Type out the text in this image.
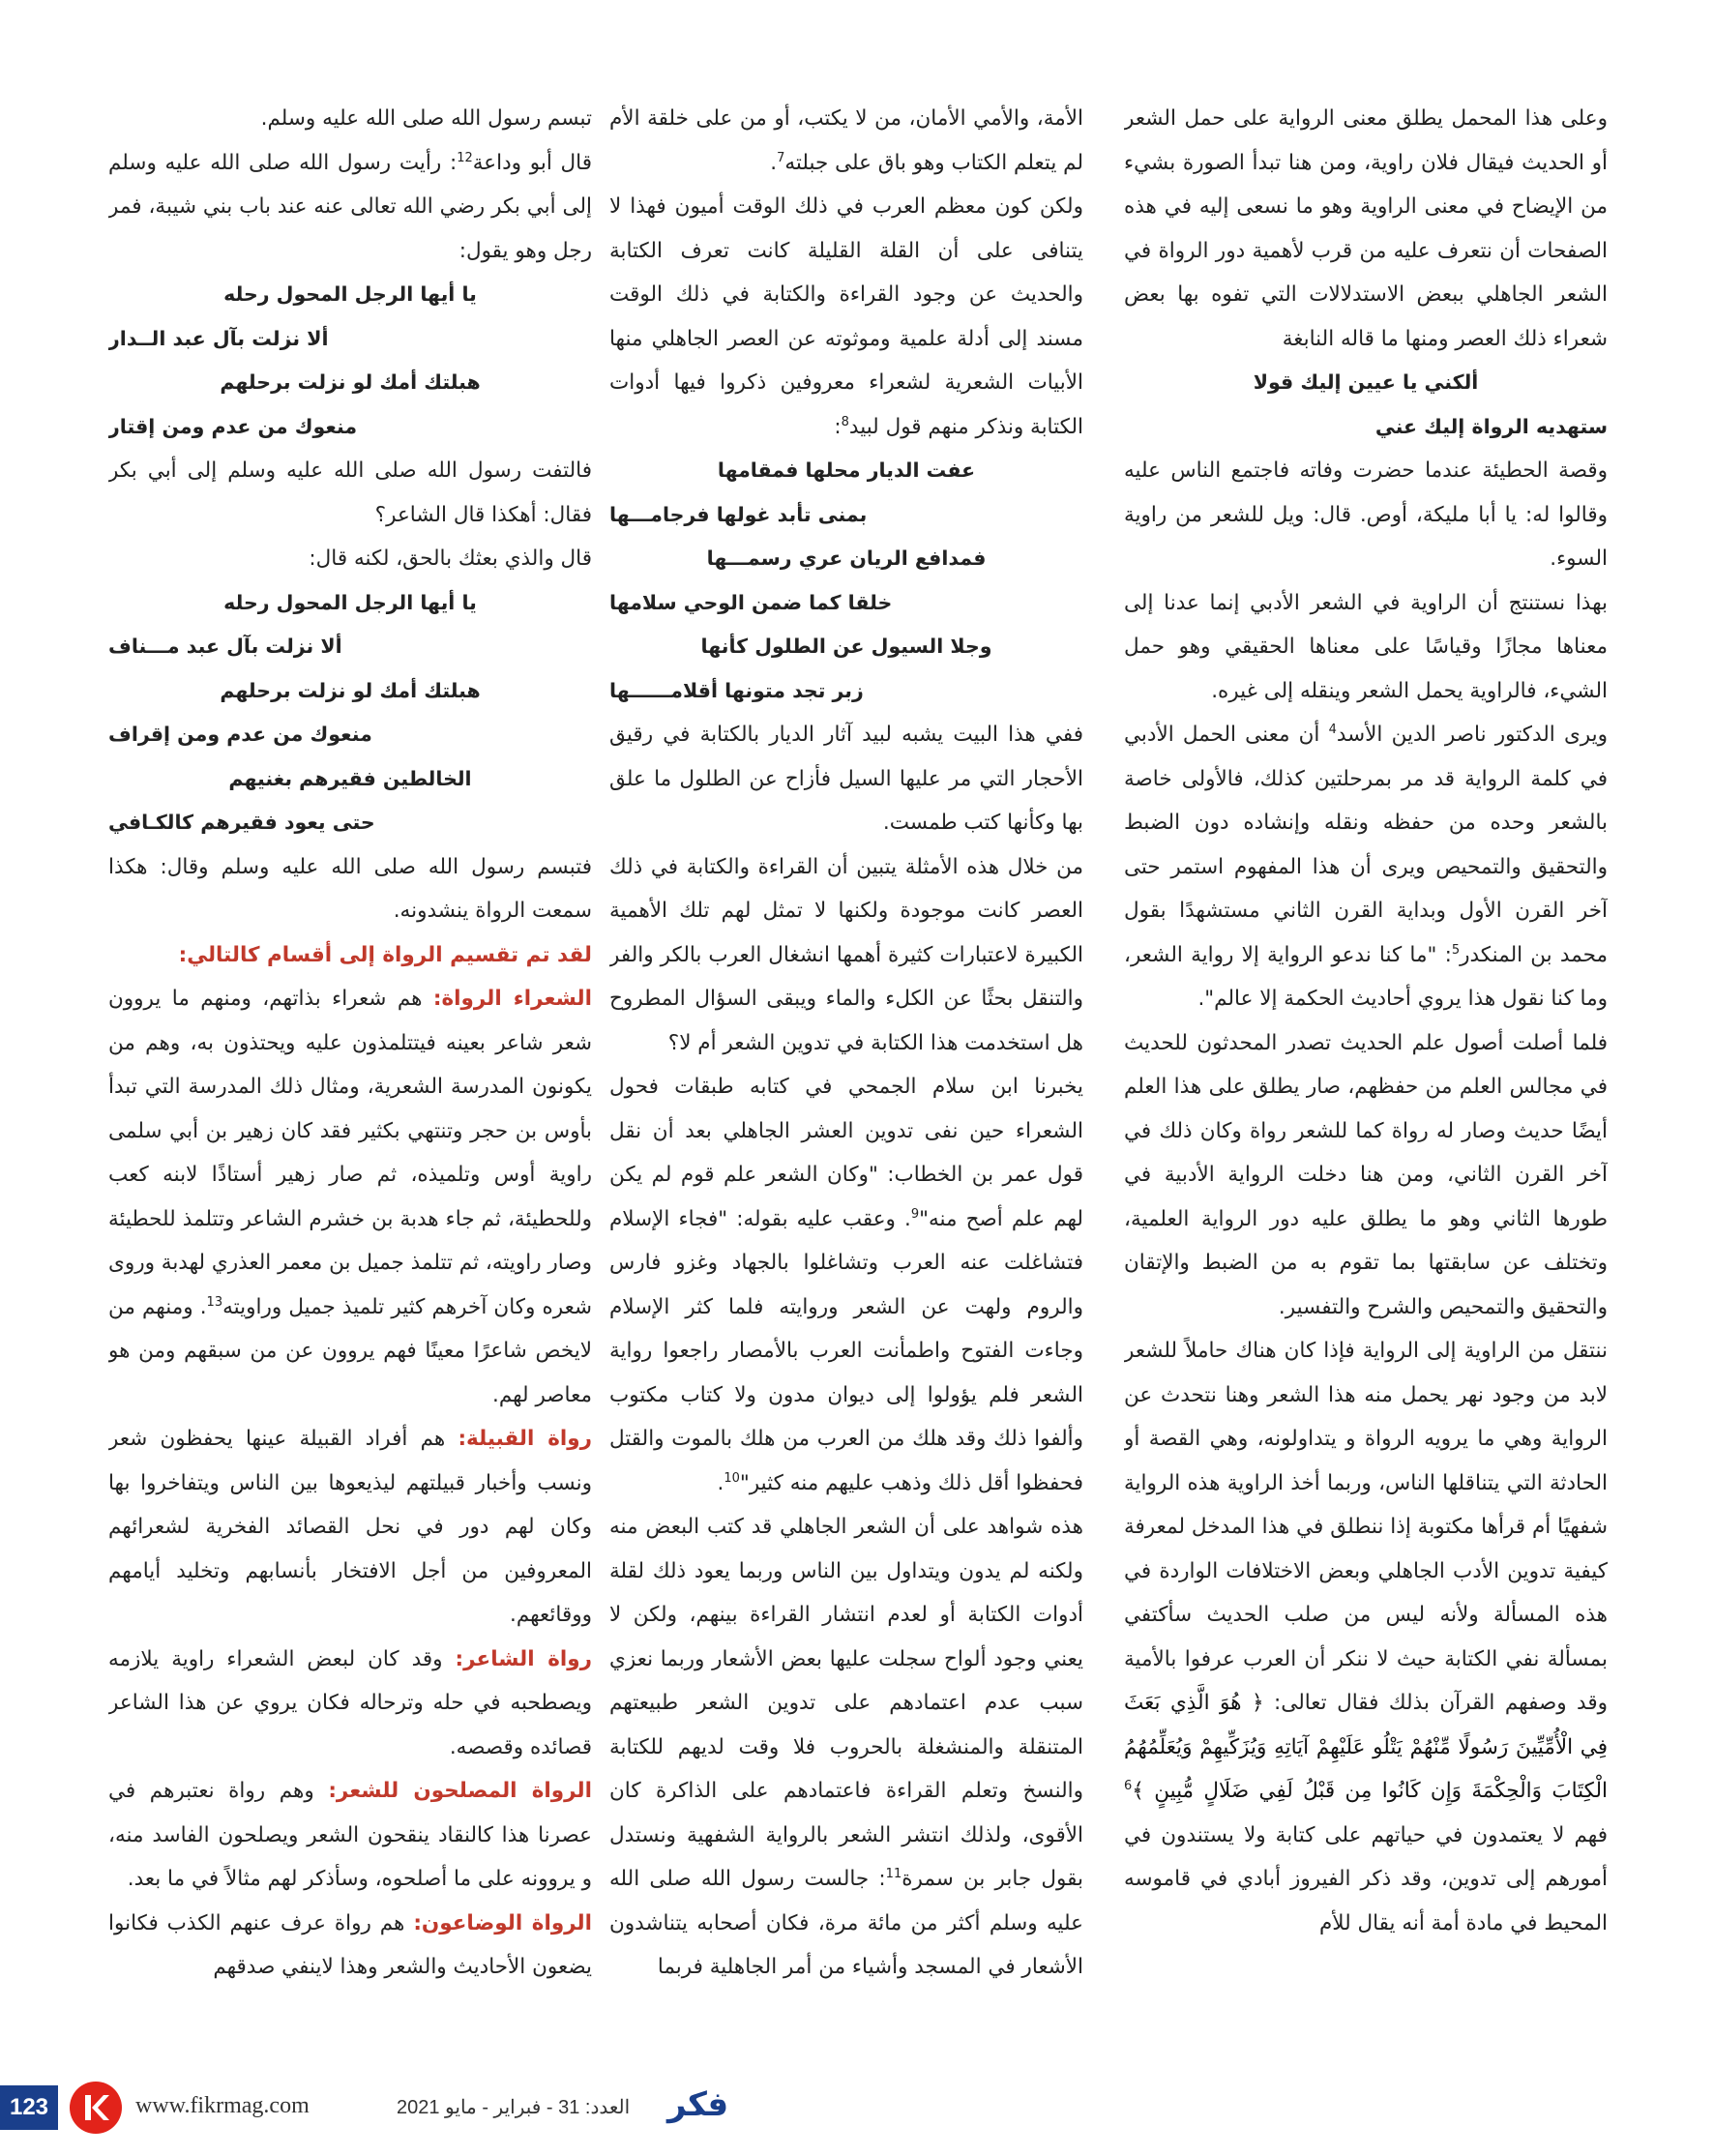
وعلى هذا المحمل يطلق معنى الرواية على حمل الشعر أو الحديث فيقال فلان راوية، ومن هنا تبدأ الصورة بشيء من الإيضاح في معنى الراوية وهو ما نسعى إليه في هذه الصفحات أن نتعرف عليه من قرب لأهمية دور الرواة في الشعر الجاهلي ببعض الاستدلالات التي تفوه بها بعض شعراء ذلك العصر ومنها ما قاله النابغة

ألكني يا عيين إليك قولا

ستهديه الرواة إليك عني

وقصة الحطيئة عندما حضرت وفاته فاجتمع الناس عليه وقالوا له: يا أبا مليكة، أوص. قال: ويل للشعر من راوية السوء.

بهذا نستنتج أن الراوية في الشعر الأدبي إنما عدنا إلى معناها مجازًا وقياسًا على معناها الحقيقي وهو حمل الشيء، فالراوية يحمل الشعر وينقله إلى غيره.

ويرى الدكتور ناصر الدين الأسد$^4$ أن معنى الحمل الأدبي في كلمة الرواية قد مر بمرحلتين كذلك، فالأولى خاصة بالشعر وحده من حفظه ونقله وإنشاده دون الضبط والتحقيق والتمحيص ويرى أن هذا المفهوم استمر حتى آخر القرن الأول وبداية القرن الثاني مستشهدًا بقول محمد بن المنكدر$^5$: "ما كنا ندعو الرواية إلا رواية الشعر، وما كنا نقول هذا يروي أحاديث الحكمة إلا عالم".

فلما أصلت أصول علم الحديث تصدر المحدثون للحديث في مجالس العلم من حفظهم، صار يطلق على هذا العلم أيضًا حديث وصار له رواة كما للشعر رواة وكان ذلك في آخر القرن الثاني، ومن هنا دخلت الرواية الأدبية في طورها الثاني وهو ما يطلق عليه دور الرواية العلمية، وتختلف عن سابقتها بما تقوم به من الضبط والإتقان والتحقيق والتمحيص والشرح والتفسير.

ننتقل من الراوية إلى الرواية فإذا كان هناك حاملاً للشعر لابد من وجود نهر يحمل منه هذا الشعر وهنا نتحدث عن الرواية وهي ما يرويه الرواة و يتداولونه، وهي القصة أو الحادثة التي يتناقلها الناس، وربما أخذ الراوية هذه الرواية شفهيًا أم قرأها مكتوبة إذا ننطلق في هذا المدخل لمعرفة كيفية تدوين الأدب الجاهلي وبعض الاختلافات الواردة في هذه المسألة ولأنه ليس من صلب الحديث سأكتفي بمسألة نفي الكتابة حيث لا ننكر أن العرب عرفوا بالأمية وقد وصفهم القرآن بذلك فقال تعالى: ﴿ هُوَ الَّذِي بَعَثَ فِي الْأُمِّيِّينَ رَسُولًا مِّنْهُمْ يَتْلُو عَلَيْهِمْ آيَاتِهِ وَيُزَكِّيهِمْ وَيُعَلِّمُهُمُ الْكِتَابَ وَالْحِكْمَةَ وَإِن كَانُوا مِن قَبْلُ لَفِي ضَلَالٍ مُّبِينٍ ﴾$^6$ فهم لا يعتمدون في حياتهم على كتابة ولا يستندون في أمورهم إلى تدوين، وقد ذكر الفيروز أبادي في قاموسه المحيط في مادة أمة أنه يقال للأم

الأمة، والأمي الأمان، من لا يكتب، أو من على خلقة الأم لم يتعلم الكتاب وهو باق على جبلته$^7$.

ولكن كون معظم العرب في ذلك الوقت أميون فهذا لا يتنافى على أن القلة القليلة كانت تعرف الكتابة والحديث عن وجود القراءة والكتابة في ذلك الوقت مسند إلى أدلة علمية وموثوته عن العصر الجاهلي منها الأبيات الشعرية لشعراء معروفين ذكروا فيها أدوات الكتابة ونذكر منهم قول لبيد$^8$:

عفت الديار محلها فمقامها

بمنى تأبد غولها فرجامـــها

فمدافع الريان عري رسمـــها

خلقا كما ضمن الوحي سلامها

وجلا السيول عن الطلول كأنها

زبر تجد متونها أقلامــــــها

ففي هذا البيت يشبه لبيد آثار الديار بالكتابة في رقيق الأحجار التي مر عليها السيل فأزاح عن الطلول ما علق بها وكأنها كتب طمست.

من خلال هذه الأمثلة يتبين أن القراءة والكتابة في ذلك العصر كانت موجودة ولكنها لا تمثل لهم تلك الأهمية الكبيرة لاعتبارات كثيرة أهمها انشغال العرب بالكر والفر والتنقل بحثًا عن الكلء والماء ويبقى السؤال المطروح هل استخدمت هذا الكتابة في تدوين الشعر أم لا؟

يخبرنا ابن سلام الجمحي في كتابه طبقات فحول الشعراء حين نفى تدوين العشر الجاهلي بعد أن نقل قول عمر بن الخطاب: "وكان الشعر علم قوم لم يكن لهم علم أصح منه"$^9$. وعقب عليه بقوله: "فجاء الإسلام فتشاغلت عنه العرب وتشاغلوا بالجهاد وغزو فارس والروم ولهت عن الشعر وروايته فلما كثر الإسلام وجاءت الفتوح واطمأنت العرب بالأمصار راجعوا رواية الشعر فلم يؤولوا إلى ديوان مدون ولا كتاب مكتوب وألفوا ذلك وقد هلك من العرب من هلك بالموت والقتل فحفظوا أقل ذلك وذهب عليهم منه كثير"$^{10}$.

هذه شواهد على أن الشعر الجاهلي قد كتب البعض منه ولكنه لم يدون ويتداول بين الناس وربما يعود ذلك لقلة أدوات الكتابة أو لعدم انتشار القراءة بينهم، ولكن لا يعني وجود ألواح سجلت عليها بعض الأشعار وربما نعزي سبب عدم اعتمادهم على تدوين الشعر طبيعتهم المتنقلة والمنشغلة بالحروب فلا وقت لديهم للكتابة والنسخ وتعلم القراءة فاعتمادهم على الذاكرة كان الأقوى، ولذلك انتشر الشعر بالرواية الشفهية ونستدل بقول جابر بن سمرة$^{11}$: جالست رسول الله صلى الله عليه وسلم أكثر من مائة مرة، فكان أصحابه يتناشدون الأشعار في المسجد وأشياء من أمر الجاهلية فربما

تبسم رسول الله صلى الله عليه وسلم.

قال أبو وداعة$^{12}$: رأيت رسول الله صلى الله عليه وسلم إلى أبي بكر رضي الله تعالى عنه عند باب بني شيبة، فمر رجل وهو يقول:

يا أيها الرجل المحول رحله

ألا نزلت بآل عبد الــدار

هبلتك أمك لو نزلت برحلهم

منعوك من عدم ومن إقتار

فالتفت رسول الله صلى الله عليه وسلم إلى أبي بكر فقال: أهكذا قال الشاعر؟

قال والذي بعثك بالحق، لكنه قال:

يا أيها الرجل المحول رحله

ألا نزلت بآل عبد مـــناف

هبلتك أمك لو نزلت برحلهم

منعوك من عدم ومن إقراف

الخالطين فقيرهم بغنيهم

حتى يعود فقيرهم كالكـافي

فتبسم رسول الله صلى الله عليه وسلم وقال: هكذا سمعت الرواة ينشدونه.

لقد تم تقسيم الرواة إلى أقسام كالتالي:

الشعراء الرواة: هم شعراء بذاتهم، ومنهم ما يروون شعر شاعر بعينه فيتتلمذون عليه ويحتذون به، وهم من يكونون المدرسة الشعرية، ومثال ذلك المدرسة التي تبدأ بأوس بن حجر وتنتهي بكثير فقد كان زهير بن أبي سلمى راوية أوس وتلميذه، ثم صار زهير أستاذًا لابنه كعب وللحطيئة، ثم جاء هدبة بن خشرم الشاعر وتتلمذ للحطيئة وصار راويته، ثم تتلمذ جميل بن معمر العذري لهدبة وروى شعره وكان آخرهم كثير تلميذ جميل وراويته$^{13}$. ومنهم من لايخص شاعرًا معينًا فهم يروون عن من سبقهم ومن هو معاصر لهم.

رواة القبيلة: هم أفراد القبيلة عينها يحفظون شعر ونسب وأخبار قبيلتهم ليذيعوها بين الناس ويتفاخروا بها وكان لهم دور في نحل القصائد الفخرية لشعرائهم المعروفين من أجل الافتخار بأنسابهم وتخليد أيامهم ووقائعهم.

رواة الشاعر: وقد كان لبعض الشعراء راوية يلازمه ويصطحبه في حله وترحاله فكان يروي عن هذا الشاعر قصائده وقصصه.

الرواة المصلحون للشعر: وهم رواة نعتبرهم في عصرنا هذا كالنقاد ينقحون الشعر ويصلحون الفاسد منه، و يروونه على ما أصلحوه، وسأذكر لهم مثالاً في ما بعد.

الرواة الوضاعون: هم رواة عرف عنهم الكذب فكانوا يضعون الأحاديث والشعر وهذا لاينفي صدقهم

123	www.fikrmag.com	العدد: 31 - فبراير - مايو 2021 فكر
